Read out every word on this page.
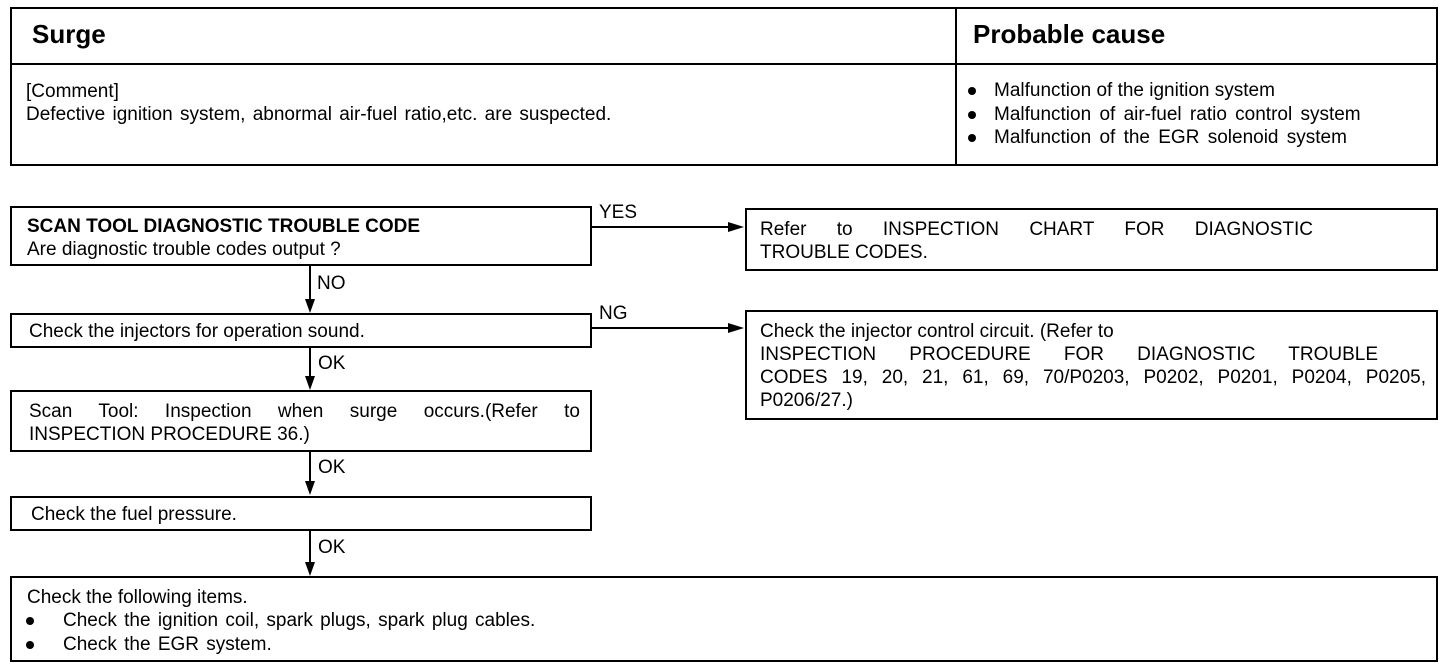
Surge	Probable cause
[Comment]
Defective ignition system, abnormal air-fuel ratio,etc. are suspected.
Malfunction of the ignition system
Malfunction of air-fuel ratio control system
Malfunction of the EGR solenoid system
SCAN TOOL DIAGNOSTIC TROUBLE CODE
Are diagnostic trouble codes output ?
YES
Refer to INSPECTION CHART FOR DIAGNOSTIC
TROUBLE CODES.
NO
Check the injectors for operation sound.
NG
Check the injector control circuit. (Refer to
INSPECTION PROCEDURE FOR DIAGNOSTIC TROUBLE
CODES 19, 20, 21, 61, 69, 70/P0203, P0202, P0201, P0204, P0205,
P0206/27.)
OK
Scan Tool: Inspection when surge occurs.(Refer to
INSPECTION PROCEDURE 36.)
OK
Check the fuel pressure.
OK
Check the following items.
Check the ignition coil, spark plugs, spark plug cables.
Check the EGR system.
